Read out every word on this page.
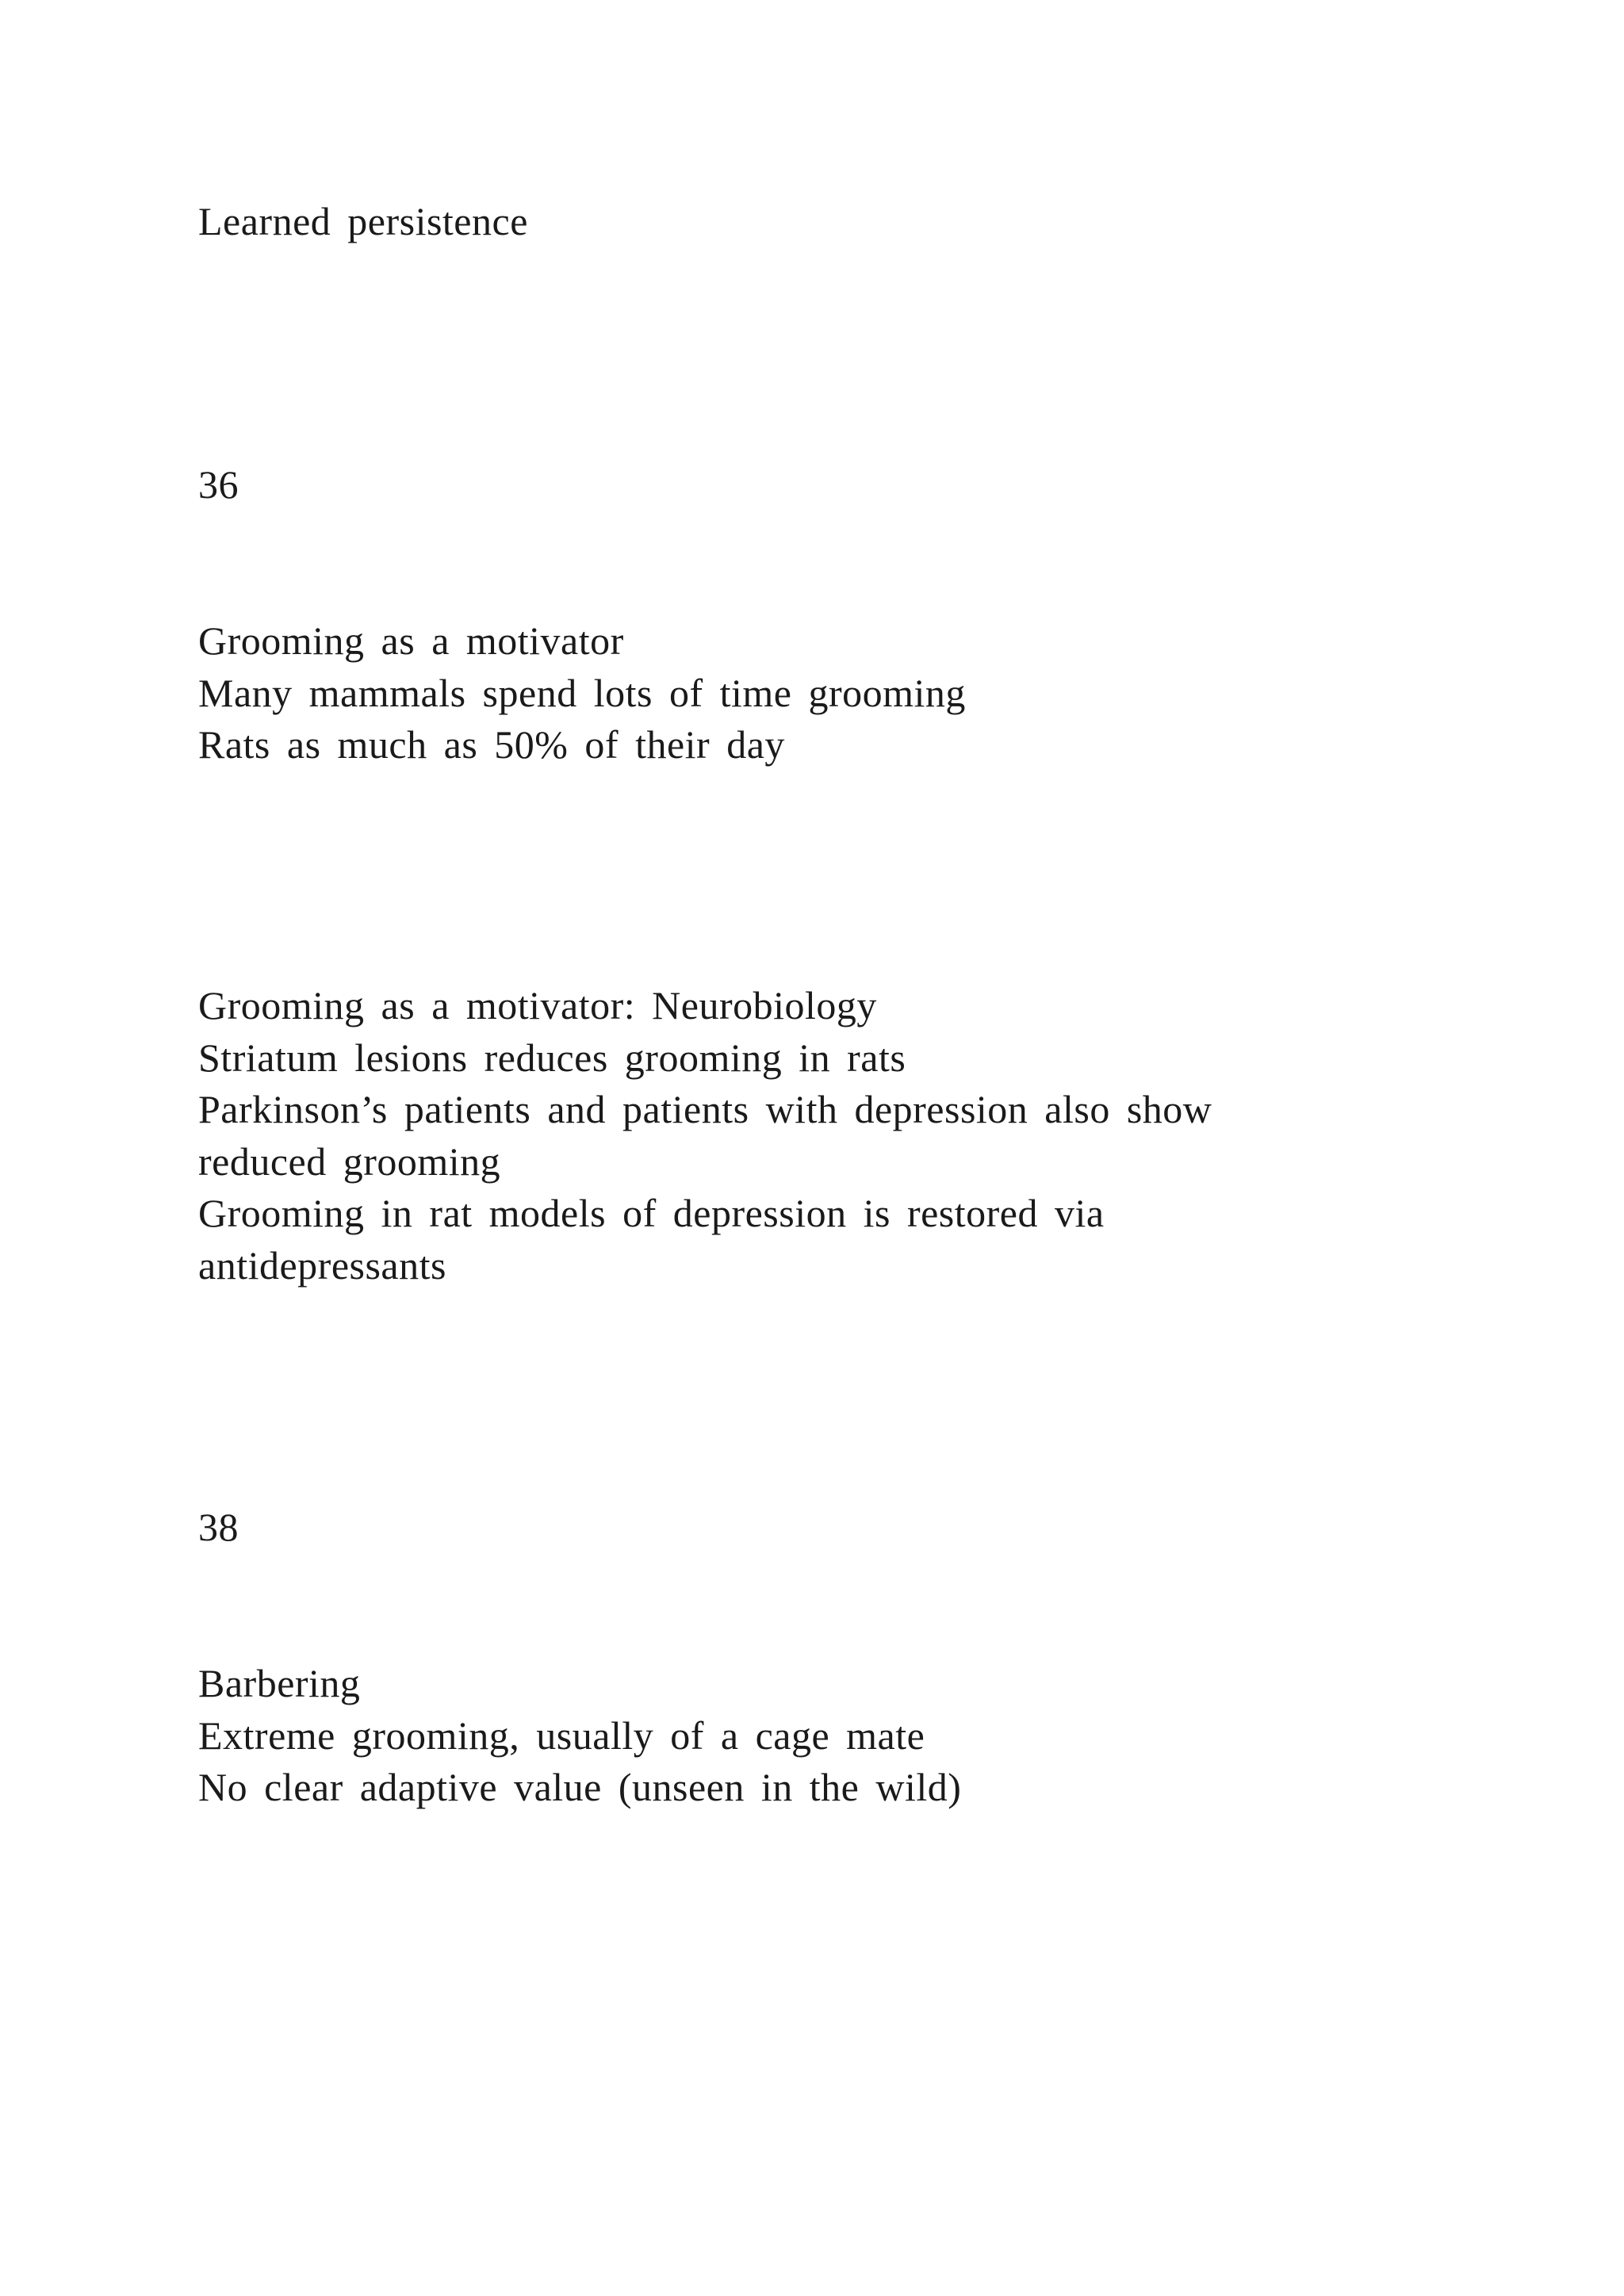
Learned persistence
36
Grooming as a motivator
Many mammals spend lots of time grooming
Rats as much as 50% of their day
Grooming as a motivator: Neurobiology
Striatum lesions reduces grooming in rats
Parkinson’s patients and patients with depression also show
reduced grooming
Grooming in rat models of depression is restored via
antidepressants
38
Barbering
Extreme grooming, usually of a cage mate
No clear adaptive value (unseen in the wild)
